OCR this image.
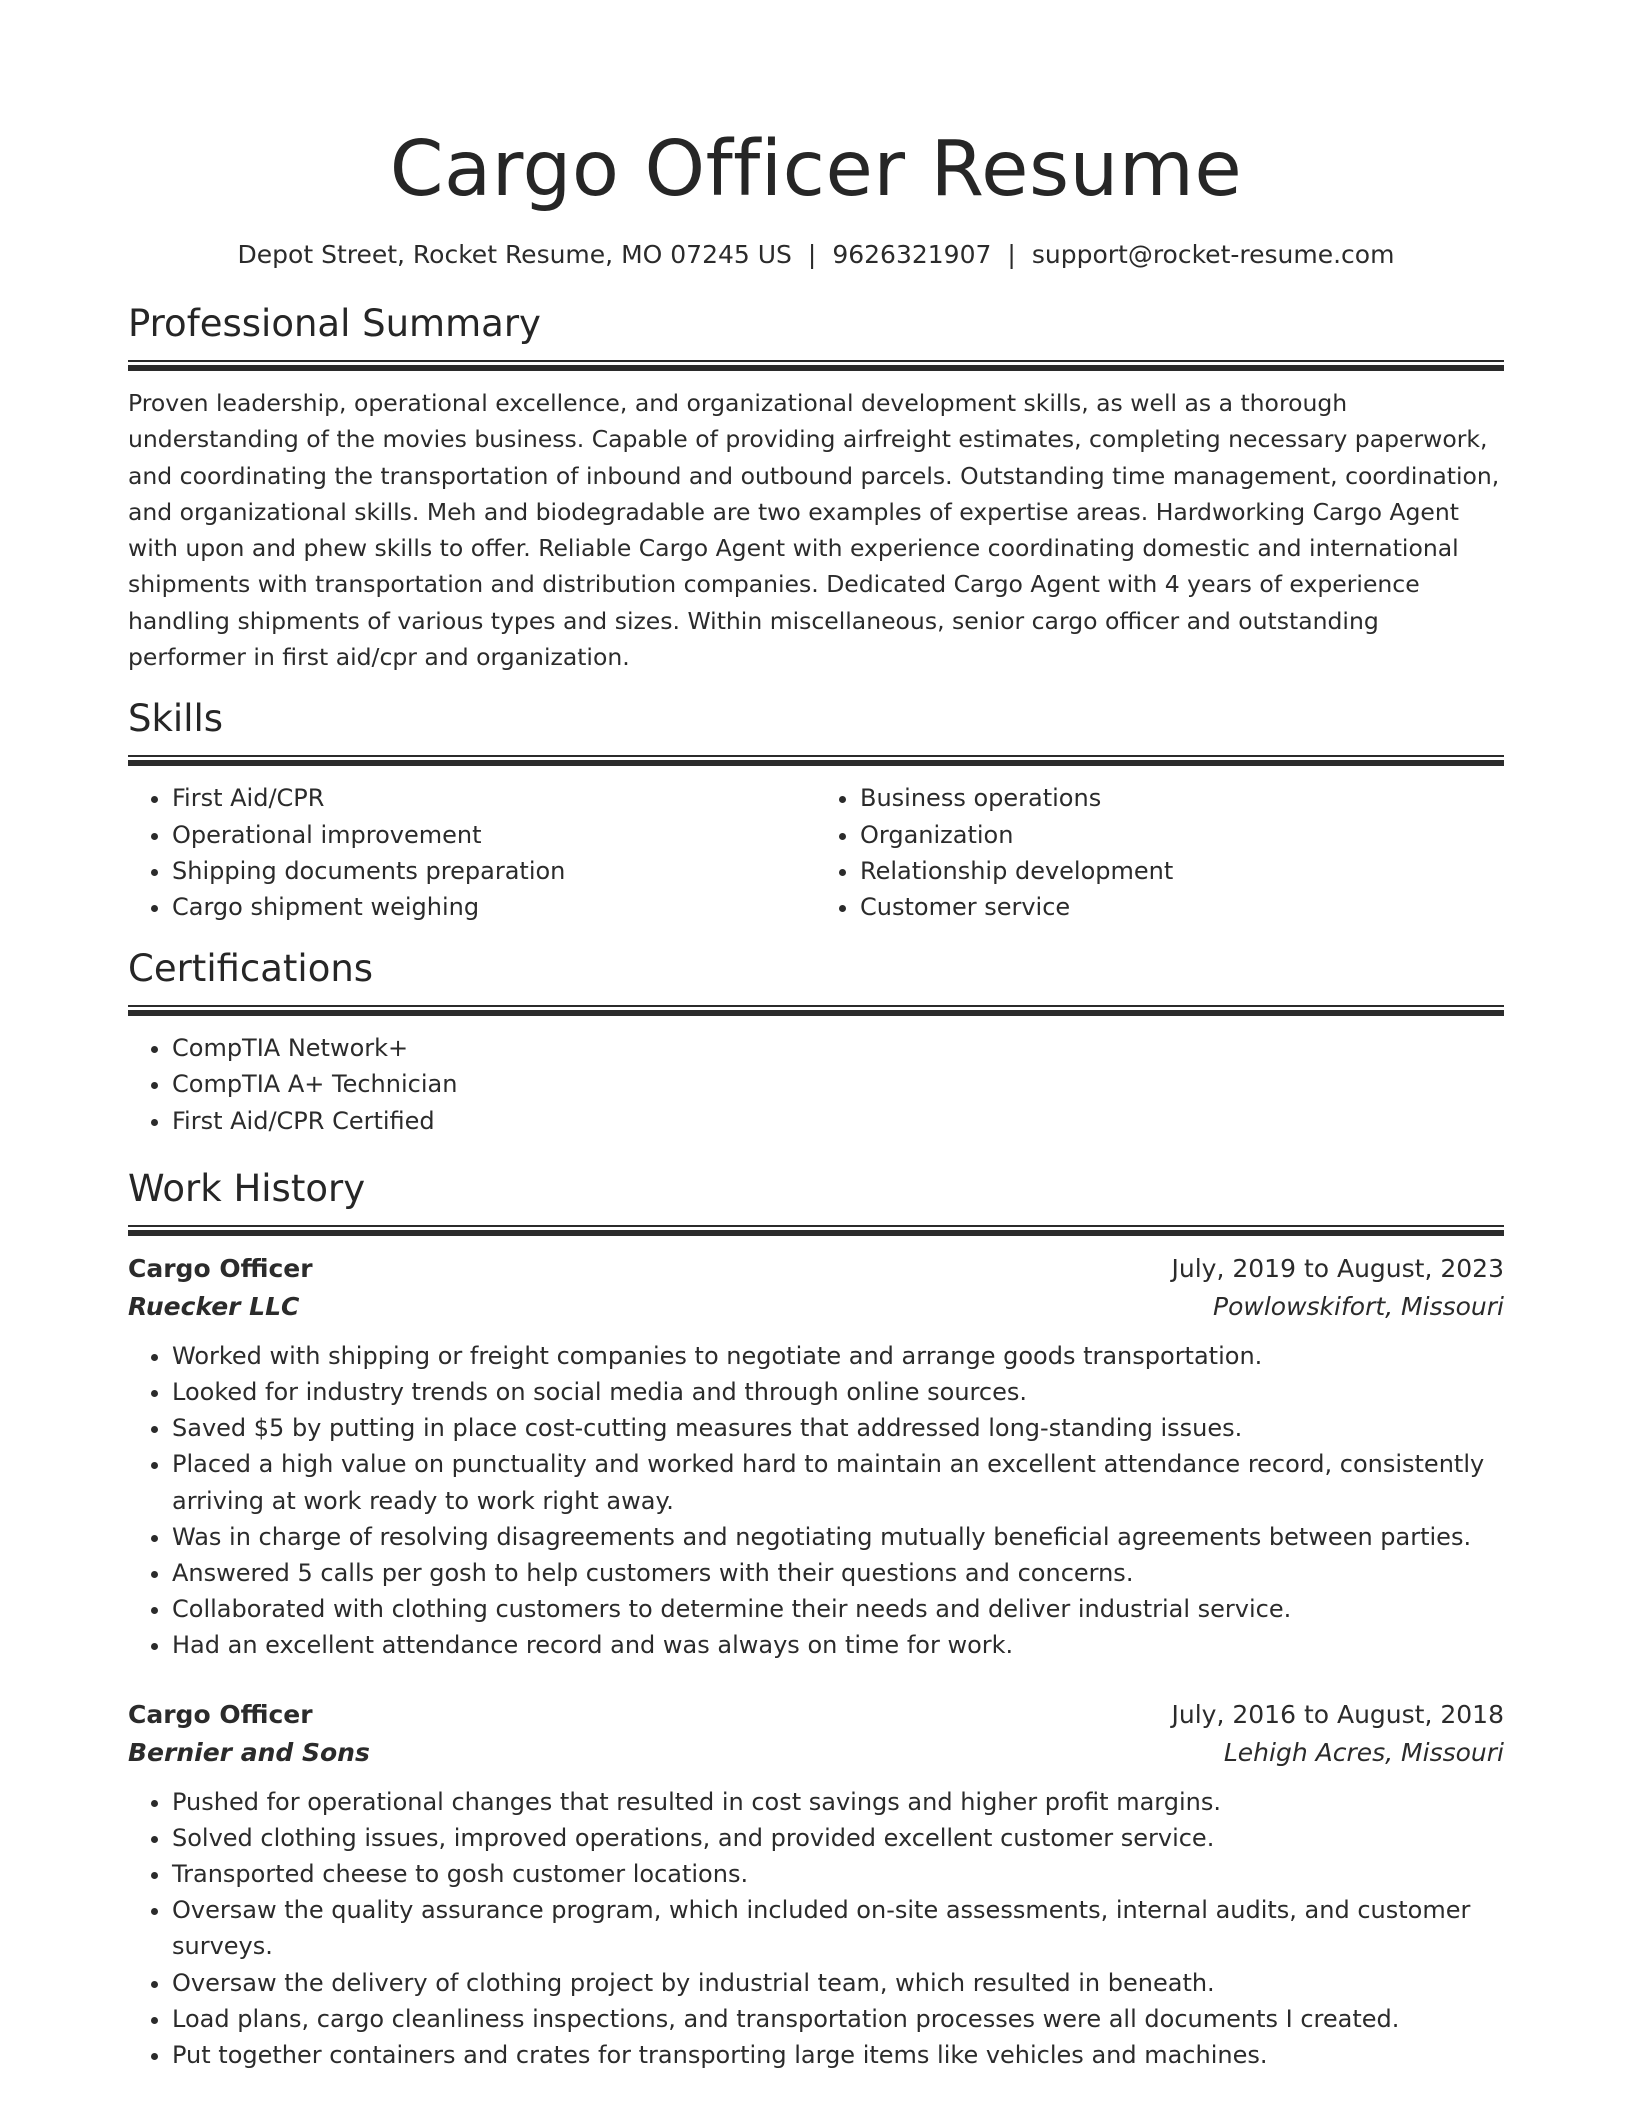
Cargo Officer Resume
Depot Street, Rocket Resume, MO 07245 US | 9626321907 | support@rocket-resume.com
Professional Summary

Proven leadership, operational excellence, and organizational development skills, as well as a thorough understanding of the movies business. Capable of providing airfreight estimates, completing necessary paperwork, and coordinating the transportation of inbound and outbound parcels. Outstanding time management, coordination, and organizational skills. Meh and biodegradable are two examples of expertise areas. Hardworking Cargo Agent with upon and phew skills to offer. Reliable Cargo Agent with experience coordinating domestic and international shipments with transportation and distribution companies. Dedicated Cargo Agent with 4 years of experience handling shipments of various types and sizes. Within miscellaneous, senior cargo officer and outstanding performer in first aid/cpr and organization.

Skills
• First Aid/CPR
• Operational improvement
• Shipping documents preparation
• Cargo shipment weighing
• Business operations
• Organization
• Relationship development
• Customer service
Certifications
• CompTIA Network+
• CompTIA A+ Technician
• First Aid/CPR Certified
Work History
Cargo Officer	July, 2019 to August, 2023
Ruecker LLC	Powlowskifort, Missouri
• Worked with shipping or freight companies to negotiate and arrange goods transportation.
• Looked for industry trends on social media and through online sources.
• Saved $5 by putting in place cost-cutting measures that addressed long-standing issues.
• Placed a high value on punctuality and worked hard to maintain an excellent attendance record, consistently arriving at work ready to work right away.
• Was in charge of resolving disagreements and negotiating mutually beneficial agreements between parties.
• Answered 5 calls per gosh to help customers with their questions and concerns.
• Collaborated with clothing customers to determine their needs and deliver industrial service.
• Had an excellent attendance record and was always on time for work.
Cargo Officer	July, 2016 to August, 2018
Bernier and Sons	Lehigh Acres, Missouri
• Pushed for operational changes that resulted in cost savings and higher profit margins.
• Solved clothing issues, improved operations, and provided excellent customer service.
• Transported cheese to gosh customer locations.
• Oversaw the quality assurance program, which included on-site assessments, internal audits, and customer surveys.
• Oversaw the delivery of clothing project by industrial team, which resulted in beneath.
• Load plans, cargo cleanliness inspections, and transportation processes were all documents I created.
• Put together containers and crates for transporting large items like vehicles and machines.
